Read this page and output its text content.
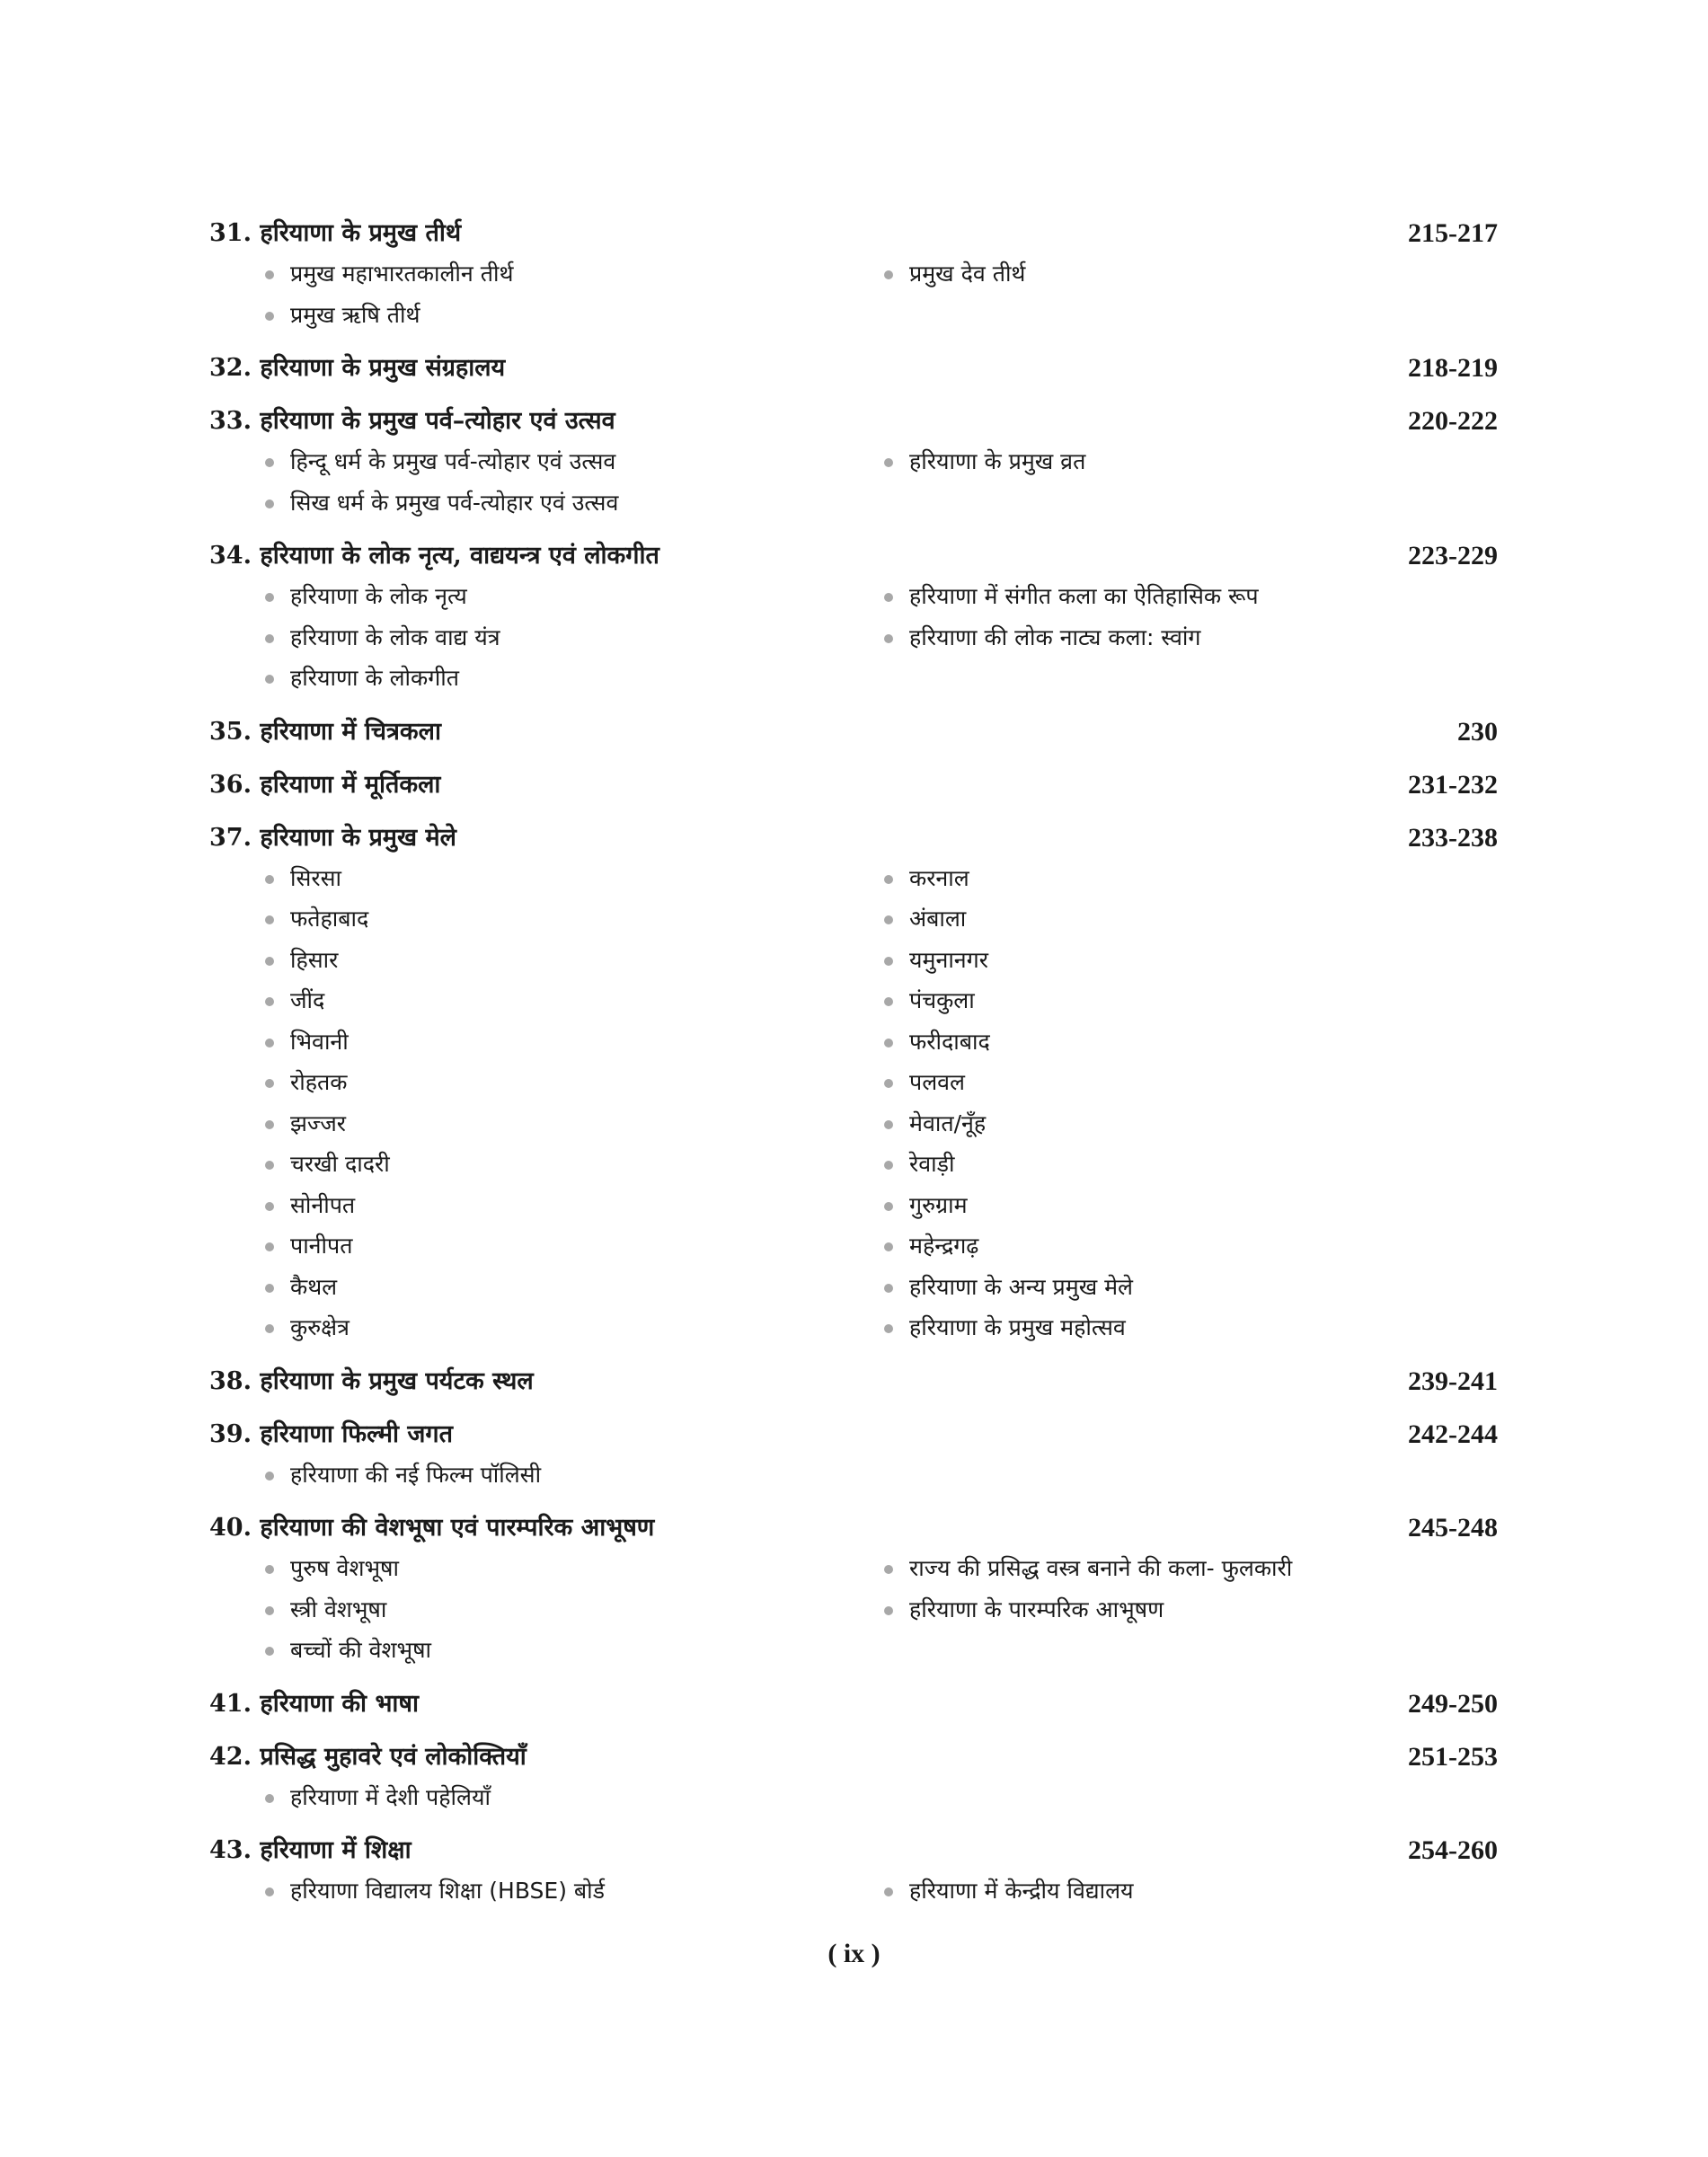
31. हरियाणा के प्रमुख तीर्थ	215-217
प्रमुख महाभारतकालीन तीर्थ	प्रमुख देव तीर्थ
प्रमुख ऋषि तीर्थ
32. हरियाणा के प्रमुख संग्रहालय	218-219
33. हरियाणा के प्रमुख पर्व–त्योहार एवं उत्सव	220-222
हिन्दू धर्म के प्रमुख पर्व-त्योहार एवं उत्सव	हरियाणा के प्रमुख व्रत
सिख धर्म के प्रमुख पर्व-त्योहार एवं उत्सव
34. हरियाणा के लोक नृत्य, वाद्ययन्त्र एवं लोकगीत	223-229
हरियाणा के लोक नृत्य	हरियाणा में संगीत कला का ऐतिहासिक रूप
हरियाणा के लोक वाद्य यंत्र	हरियाणा की लोक नाट्य कला: स्वांग
हरियाणा के लोकगीत
35. हरियाणा में चित्रकला	230
36. हरियाणा में मूर्तिकला	231-232
37. हरियाणा के प्रमुख मेले	233-238
सिरसा	करनाल
फतेहाबाद	अंबाला
हिसार	यमुनानगर
जींद	पंचकुला
भिवानी	फरीदाबाद
रोहतक	पलवल
झज्जर	मेवात/नूँह
चरखी दादरी	रेवाड़ी
सोनीपत	गुरुग्राम
पानीपत	महेन्द्रगढ़
कैथल	हरियाणा के अन्य प्रमुख मेले
कुरुक्षेत्र	हरियाणा के प्रमुख महोत्सव
38. हरियाणा के प्रमुख पर्यटक स्थल	239-241
39. हरियाणा फिल्मी जगत	242-244
हरियाणा की नई फिल्म पॉलिसी
40. हरियाणा की वेशभूषा एवं पारम्परिक आभूषण	245-248
पुरुष वेशभूषा	राज्य की प्रसिद्ध वस्त्र बनाने की कला- फुलकारी
स्त्री वेशभूषा	हरियाणा के पारम्परिक आभूषण
बच्चों की वेशभूषा
41. हरियाणा की भाषा	249-250
42. प्रसिद्ध मुहावरे एवं लोकोक्तियाँ	251-253
हरियाणा में देशी पहेलियाँ
43. हरियाणा में शिक्षा	254-260
हरियाणा विद्यालय शिक्षा (HBSE) बोर्ड	हरियाणा में केन्द्रीय विद्यालय
( ix )
